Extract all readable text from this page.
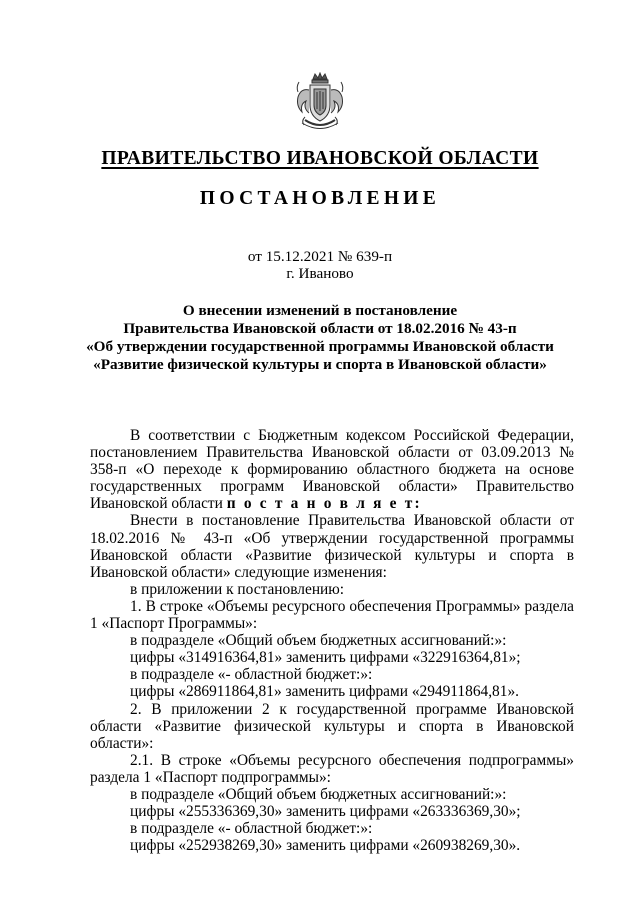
ПРАВИТЕЛЬСТВО ИВАНОВСКОЙ ОБЛАСТИ
ПОСТАНОВЛЕНИЕ
от 15.12.2021 № 639-п
г. Иваново
О внесении изменений в постановление
Правительства Ивановской области от 18.02.2016 № 43-п
«Об утверждении государственной программы Ивановской области
«Развитие физической культуры и спорта в Ивановской области»

В соответствии с Бюджетным кодексом Российской Федерации, постановлением Правительства Ивановской области от 03.09.2013 № 358-п «О переходе к формированию областного бюджета на основе государственных программ Ивановской области» Правительство Ивановской области п о с т а н о в л я е т:

Внести в постановление Правительства Ивановской области от 18.02.2016 № 43-п «Об утверждении государственной программы Ивановской области «Развитие физической культуры и спорта в Ивановской области» следующие изменения:

в приложении к постановлению:

1. В строке «Объемы ресурсного обеспечения Программы» раздела 1 «Паспорт Программы»:

в подразделе «Общий объем бюджетных ассигнований:»:

цифры «314916364,81» заменить цифрами «322916364,81»;

в подразделе «- областной бюджет:»:

цифры «286911864,81» заменить цифрами «294911864,81».

2. В приложении 2 к государственной программе Ивановской области «Развитие физической культуры и спорта в Ивановской области»:

2.1. В строке «Объемы ресурсного обеспечения подпрограммы» раздела 1 «Паспорт подпрограммы»:

в подразделе «Общий объем бюджетных ассигнований:»:

цифры «255336369,30» заменить цифрами «263336369,30»;

в подразделе «- областной бюджет:»:

цифры «252938269,30» заменить цифрами «260938269,30».
